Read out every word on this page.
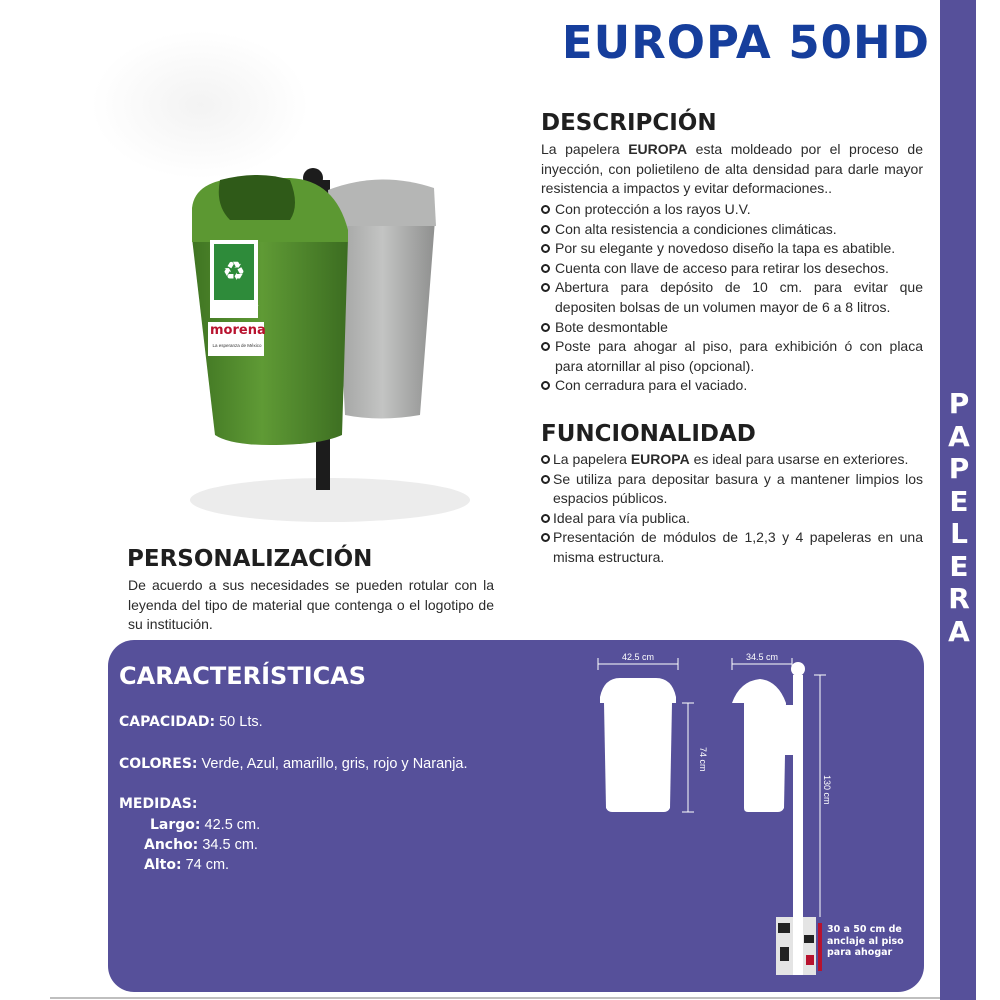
♻
basura orgánica
morena
La esperanza de México
EUROPA 50HD
DESCRIPCIÓN

La papelera EUROPA esta moldeado por el proceso de inyección, con polietileno de alta densidad para darle mayor resistencia a impactos y evitar deformaciones..

Con protección a los rayos U.V.
Con alta resistencia a condiciones climáticas.
Por su elegante y novedoso diseño la tapa es abatible.
Cuenta con llave de acceso para retirar los desechos.
Abertura para depósito de 10 cm. para evitar que depositen bolsas de un volumen mayor de 6 a 8 litros.
Bote desmontable
Poste para ahogar al piso, para exhibición ó con placa para atornillar al piso (opcional).
Con cerradura para el vaciado.
FUNCIONALIDAD
La papelera EUROPA es ideal para usarse en exteriores.
Se utiliza para depositar basura y a mantener limpios los espacios públicos.
Ideal para vía publica.
Presentación de módulos de 1,2,3 y 4 papeleras en una misma estructura.
PERSONALIZACIÓN

De acuerdo a sus necesidades se pueden rotular con la leyenda del tipo de material que contenga o el logotipo de su institución.

P
A
P
E
L
E
R
A
CARACTERÍSTICAS
CAPACIDAD: 50 Lts.
COLORES: Verde, Azul, amarillo, gris, rojo y Naranja.
MEDIDAS:
Largo: 42.5 cm.
Ancho: 34.5 cm.
Alto: 74 cm.
42.5 cm
74 cm
34.5 cm
130 cm
30 a 50 cm de anclaje al piso para ahogar
